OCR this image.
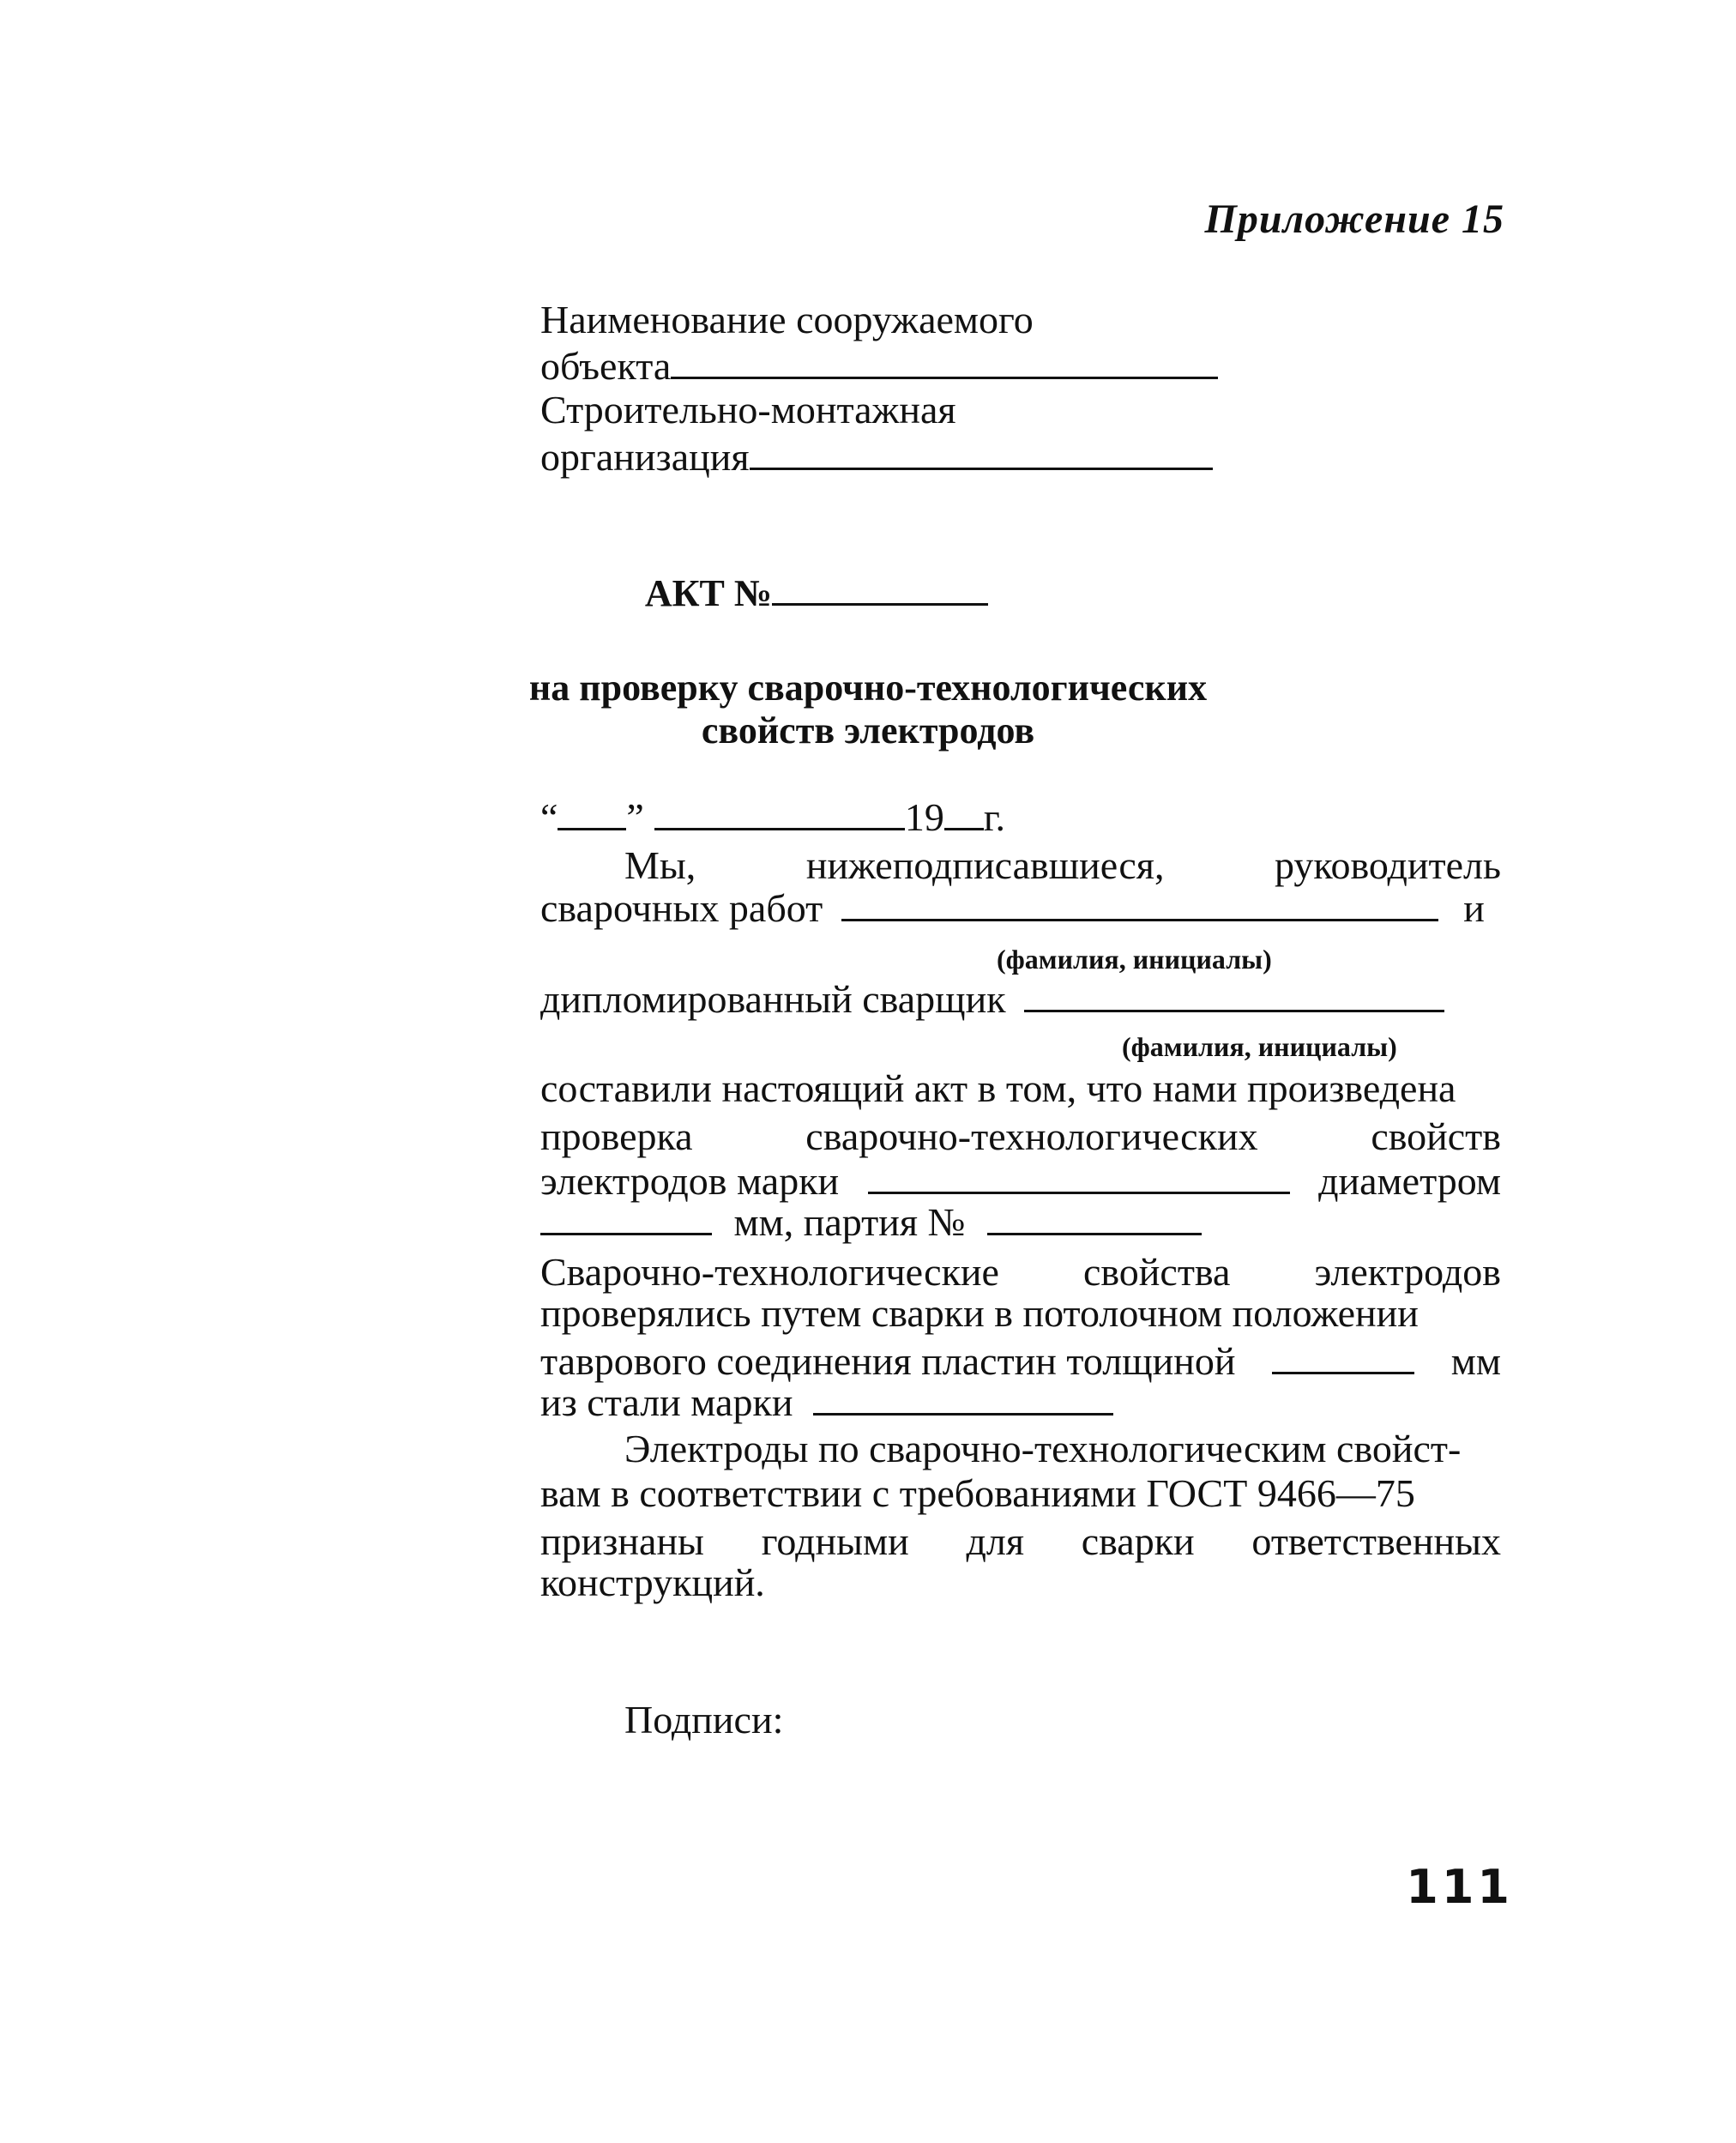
Приложение 15
Наименование сооружаемого
объекта
Строительно-монтажная
организация
АКТ №
на проверку сварочно-технологических
свойств электродов
“ ”	19 г.
Мы,	нижеподписавшиеся,	руководитель
сварочных работ	и
(фамилия, инициалы)
дипломированный сварщик
(фамилия, инициалы)
составили настоящий акт в том, что нами произведена
проверка	сварочно-технологических	свойств
электродов марки	диаметром
мм, партия №
Сварочно-технологические свойства электродов
проверялись путем сварки в потолочном положении
таврового соединения пластин толщиной	мм
из стали марки
Электроды по сварочно-технологическим свойст-
вам в соответствии с требованиями ГОСТ 9466—75
признаны годными для сварки ответственных
конструкций.
Подписи:
111
